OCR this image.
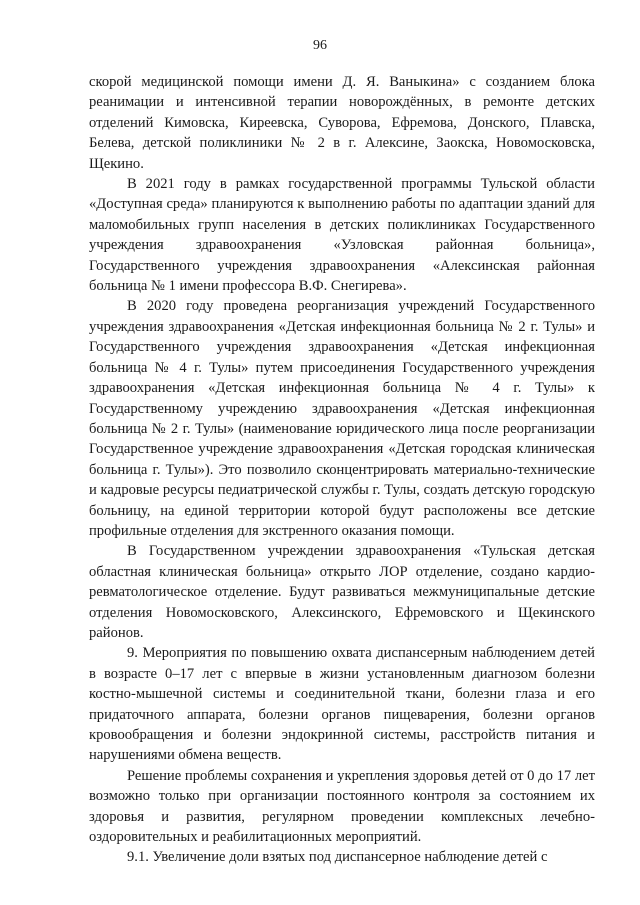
96

скорой медицинской помощи имени Д. Я. Ваныкина» с созданием блока реанимации и интенсивной терапии новорождённых, в ремонте детских отделений Кимовска, Киреевска, Суворова, Ефремова, Донского, Плавска, Белева, детской поликлиники № 2 в г. Алексине, Заокска, Новомосковска, Щекино.

В 2021 году в рамках государственной программы Тульской области «Доступная среда» планируются к выполнению работы по адаптации зданий для маломобильных групп населения в детских поликлиниках Государственного учреждения здравоохранения «Узловская районная больница», Государственного учреждения здравоохранения «Алексинская районная больница № 1 имени профессора В.Ф. Снегирева».

В 2020 году проведена реорганизация учреждений Государственного учреждения здравоохранения «Детская инфекционная больница № 2 г. Тулы» и Государственного учреждения здравоохранения «Детская инфекционная больница № 4 г. Тулы» путем присоединения Государственного учреждения здравоохранения «Детская инфекционная больница № 4 г. Тулы» к Государственному учреждению здравоохранения «Детская инфекционная больница № 2 г. Тулы» (наименование юридического лица после реорганизации Государственное учреждение здравоохранения «Детская городская клиническая больница г. Тулы»). Это позволило сконцентрировать материально-технические и кадровые ресурсы педиатрической службы г. Тулы, создать детскую городскую больницу, на единой территории которой будут расположены все детские профильные отделения для экстренного оказания помощи.

В Государственном учреждении здравоохранения «Тульская детская областная клиническая больница» открыто ЛОР отделение, создано кардио-ревматологическое отделение. Будут развиваться межмуниципальные детские отделения Новомосковского, Алексинского, Ефремовского и Щекинского районов.

9. Мероприятия по повышению охвата диспансерным наблюдением детей в возрасте 0–17 лет с впервые в жизни установленным диагнозом болезни костно-мышечной системы и соединительной ткани, болезни глаза и его придаточного аппарата, болезни органов пищеварения, болезни органов кровообращения и болезни эндокринной системы, расстройств питания и нарушениями обмена веществ.

Решение проблемы сохранения и укрепления здоровья детей от 0 до 17 лет возможно только при организации постоянного контроля за состоянием их здоровья и развития, регулярном проведении комплексных лечебно-оздоровительных и реабилитационных мероприятий.

9.1. Увеличение доли взятых под диспансерное наблюдение детей с
